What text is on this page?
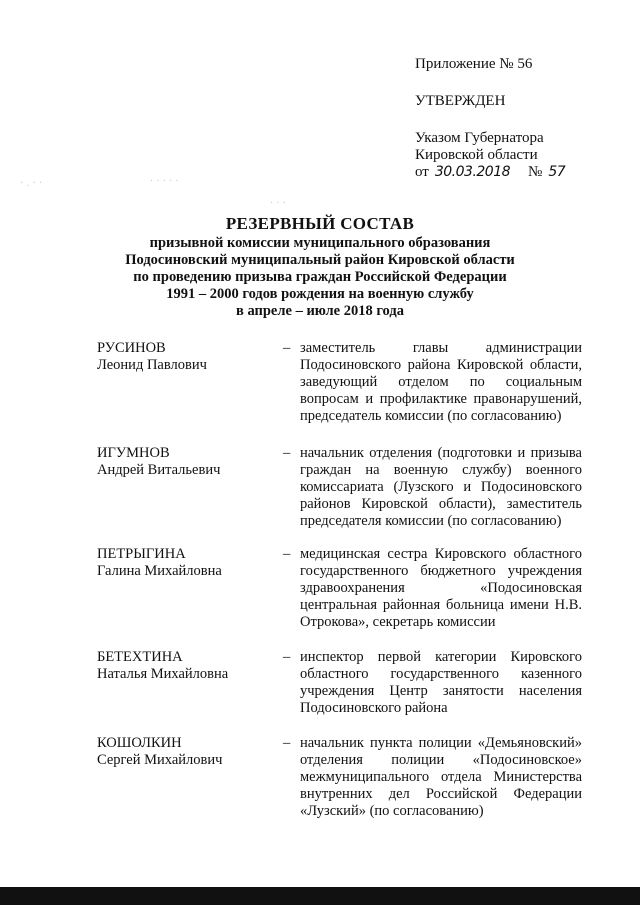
Приложение № 56
УТВЕРЖДЕН
Указом Губернатора
Кировской области
от 30.03.2018 № 57
РЕЗЕРВНЫЙ СОСТАВ
призывной комиссии муниципального образования
Подосиновский муниципальный район Кировской области
по проведению призыва граждан Российской Федерации
1991 – 2000 годов рождения на военную службу
в апреле – июле 2018 года
РУСИНОВ
Леонид Павлович
– заместитель главы администрации Подосиновского района Кировской области, заведующий отделом по социальным вопросам и профилактике правонарушений, председатель комиссии (по согласованию)
ИГУМНОВ
Андрей Витальевич
– начальник отделения (подготовки и призыва граждан на военную службу) военного комиссариата (Лузского и Подосиновского районов Кировской области), заместитель председателя комиссии (по согласованию)
ПЕТРЫГИНА
Галина Михайловна
– медицинская сестра Кировского областного государственного бюджетного учреждения здравоохранения «Подосиновская центральная районная больница имени Н.В. Отрокова», секретарь комиссии
БЕТЕХТИНА
Наталья Михайловна
– инспектор первой категории Кировского областного государственного казенного учреждения Центр занятости населения Подосиновского района
КОШОЛКИН
Сергей Михайлович
– начальник пункта полиции «Демьяновский» отделения полиции «Подосиновское» межмуниципального отдела Министерства внутренних дел Российской Федерации «Лузский» (по согласованию)
· . · ·	· · · · ·
· · ·
